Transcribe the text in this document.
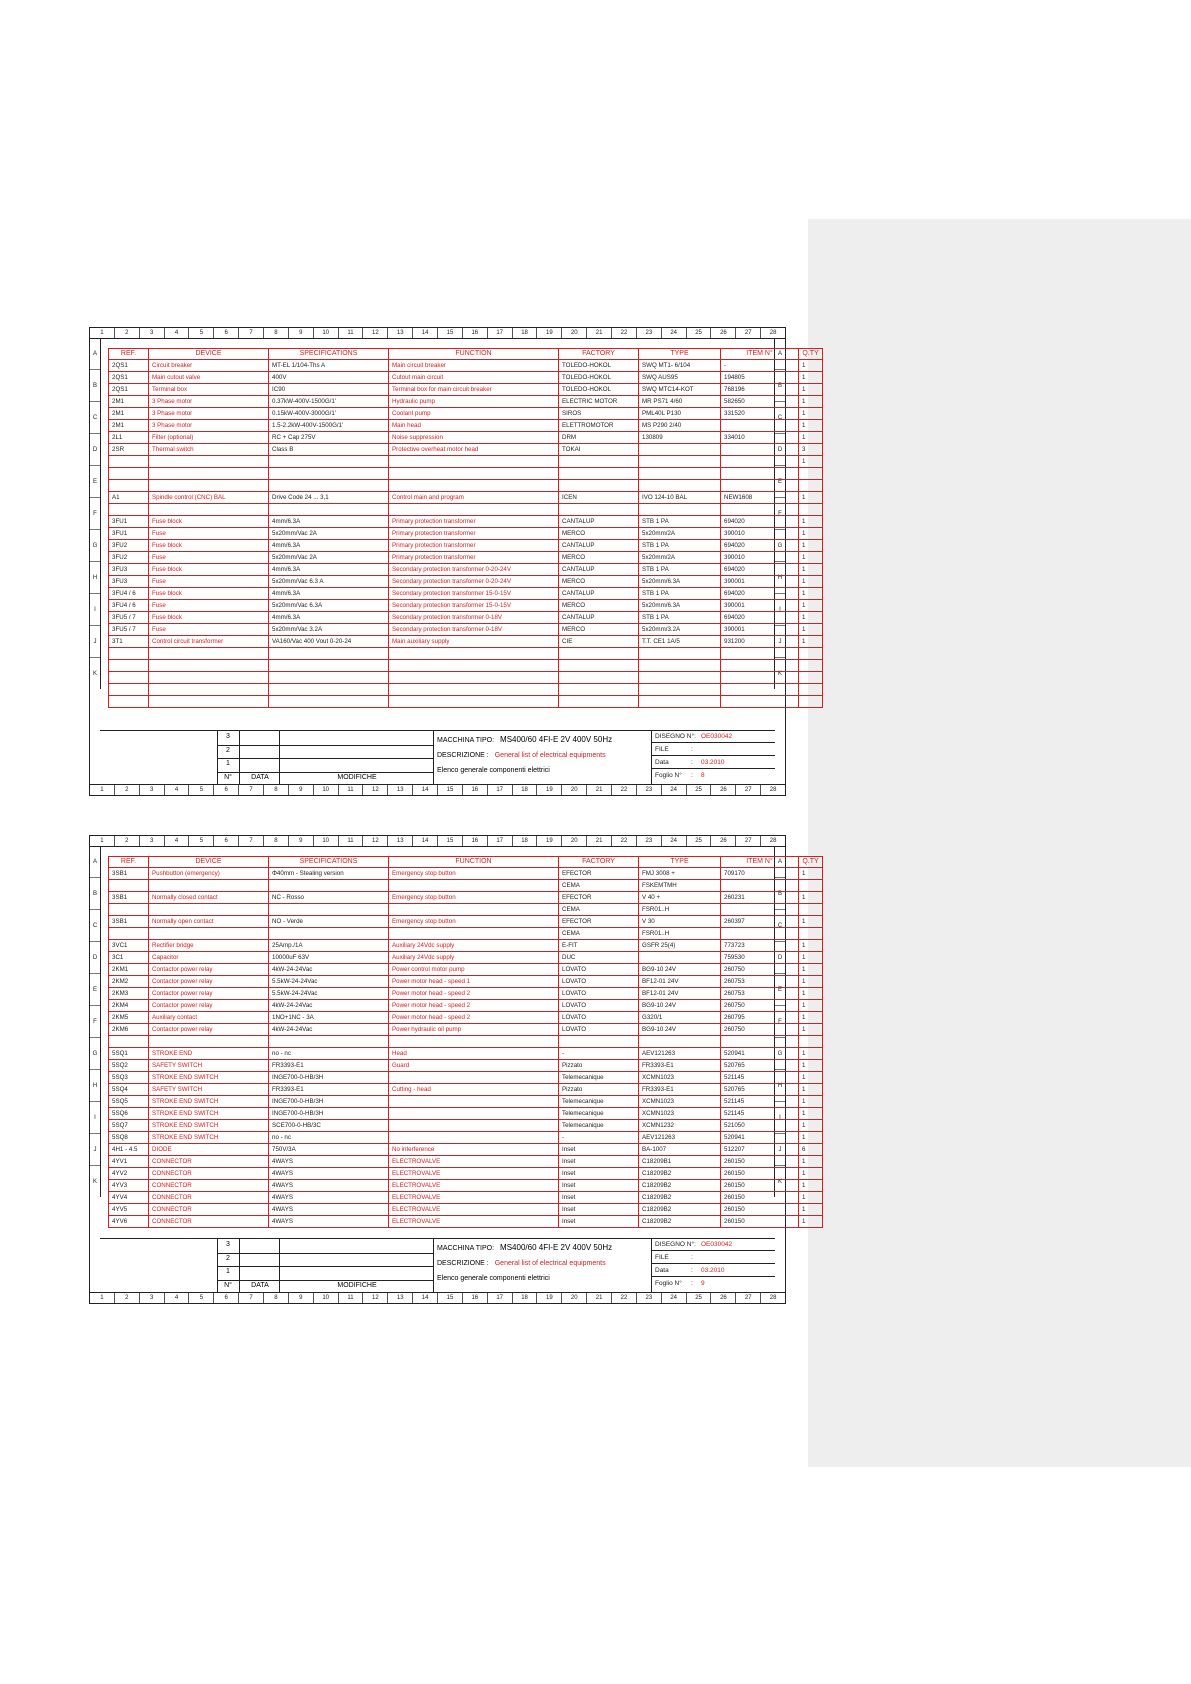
1	2	3	4	5	6	7	8	9	10	11	12	13	14	15	16	17	18	19	20	21	22	23	24	25	26	27	28
1	2	3	4	5	6	7	8	9	10	11	12	13	14	15	16	17	18	19	20	21	22	23	24	25	26	27	28
A
B
C
D
E
F
G
H
I
J
K
A
B
C
D
E
F
G
H
I
J
K
REF.	DEVICE	SPECIFICATIONS	FUNCTION	FACTORY	TYPE	ITEM N°	Q.TY
2QS1	Circuit breaker	MT-EL 1/104-Ths A	Main circuit breaker	TOLEDO-HOKOL	SWQ MT1- 6/104	-	1
2QS1	Main cutout valve	400V	Cutout main circuit	TOLEDO-HOKOL	SWQ AUS95	194805	1
2QS1	Terminal box	IC90	Terminal box for main circuit breaker	TOLEDO-HOKOL	SWQ MTC14-KOT	768196	1
2M1	3 Phase motor	0.37kW-400V-1500G/1'	Hydraulic pump	ELECTRIC MOTOR	MR PS71 4/60	582650	1
2M1	3 Phase motor	0.15kW-400V-3000G/1'	Coolant pump	SIROS	PML40L P130	331520	1
2M1	3 Phase motor	1.5-2.2kW-400V-1500G/1'	Main head	ELETTROMOTOR	MS P290 2/40		1
2L1	Filter (optional)	RC + Cap 275V	Noise suppression	DRM	130809	334010	1
2SR	Thermal switch	Class B	Protective overheat motor head	TOKAI			3
							1

A1	Spindle control (CNC) BAL	Drive Code 24 ... 3,1	Control main and program	ICEN	IVO 124-10 BAL	NEW1608	1

3FU1	Fuse block	4mm/6.3A	Primary protection transformer	CANTALUP	STB 1 PA	694020	1
3FU1	Fuse	5x20mm/Vac 2A	Primary protection transformer	MERCO	5x20mm/2A	390010	1
3FU2	Fuse block	4mm/6.3A	Primary protection transformer	CANTALUP	STB 1 PA	694020	1
3FU2	Fuse	5x20mm/Vac 2A	Primary protection transformer	MERCO	5x20mm/2A	390010	1
3FU3	Fuse block	4mm/6.3A	Secondary protection transformer 0-20-24V	CANTALUP	STB 1 PA	694020	1
3FU3	Fuse	5x20mm/Vac 6.3 A	Secondary protection transformer 0-20-24V	MERCO	5x20mm/6.3A	390001	1
3FU4 / 6	Fuse block	4mm/6.3A	Secondary protection transformer 15-0-15V	CANTALUP	STB 1 PA	694020	1
3FU4 / 6	Fuse	5x20mm/Vac 6.3A	Secondary protection transformer 15-0-15V	MERCO	5x20mm/6.3A	390001	1
3FU5 / 7	Fuse block	4mm/6.3A	Secondary protection transformer 0-18V	CANTALUP	STB 1 PA	694020	1
3FU5 / 7	Fuse	5x20mm/Vac 3.2A	Secondary protection transformer 0-18V	MERCO	5x20mm/3.2A	390001	1
3T1	Control circuit transformer	VA160/Vac 400 Vout 0-20-24	Main auxiliary supply	CIE	T.T. CE1 1A/5	931200	1

3
2
1
N°	DATA	MODIFICHE
MACCHINA TIPO: MS400/60 4FI-E 2V 400V 50Hz
DESCRIZIONE : General list of electrical equipments
Elenco generale componenti elettrici
DISEGNO N°: OE030042
FILE	:
Data	: 03.2010
Foglio N° : 8
1	2	3	4	5	6	7	8	9	10	11	12	13	14	15	16	17	18	19	20	21	22	23	24	25	26	27	28
1	2	3	4	5	6	7	8	9	10	11	12	13	14	15	16	17	18	19	20	21	22	23	24	25	26	27	28
A
B
C
D
E
F
G
H
I
J
K
A
B
C
D
E
F
G
H
I
J
K
REF.	DEVICE	SPECIFICATIONS	FUNCTION	FACTORY	TYPE	ITEM N°	Q.TY
3SB1	Pushbutton (emergency)	Φ40mm - Stealing version	Emergency stop button	EFECTOR	FMJ 3008 +	709170	1
				CEMA	FSKEMTMH		
3SB1	Normally closed contact	NC - Rosso	Emergency stop button	EFECTOR	V 40 +	260231	1
				CEMA	FSR01..H		
3SB1	Normally open contact	NO - Verde	Emergency stop button	EFECTOR	V 30	260397	1
				CEMA	FSR01..H		
3VC1	Rectifier bridge	25Amp./1A	Auxiliary 24Vdc supply	E-FIT	GSFR 25(4)	773723	1
3C1	Capacitor	10000uF 63V	Auxiliary 24Vdc supply	DUC		759530	1
2KM1	Contactor power relay	4kW-24-24Vac	Power control motor pump	LOVATO	BG9-10 24V	260750	1
2KM2	Contactor power relay	5.5kW-24-24Vac	Power motor head - speed 1	LOVATO	BF12-01 24V	260753	1
2KM3	Contactor power relay	5.5kW-24-24Vac	Power motor head - speed 2	LOVATO	BF12-01 24V	260753	1
2KM4	Contactor power relay	4kW-24-24Vac	Power motor head - speed 2	LOVATO	BG9-10 24V	260750	1
2KM5	Auxiliary contact	1NO+1NC - 3A	Power motor head - speed 2	LOVATO	G320/1	260795	1
2KM6	Contactor power relay	4kW-24-24Vac	Power hydraulic oil pump	LOVATO	BG9-10 24V	260750	1

5SQ1	STROKE END	no - nc	Head	-	AEV121263	520941	1
5SQ2	SAFETY SWITCH	FR3393-E1	Guard	Pizzato	FR3393-E1	520765	1
5SQ3	STROKE END SWITCH	INGE700-0-HB/3H		Telemecanique	XCMN1023	521145	1
5SQ4	SAFETY SWITCH	FR3393-E1	Cutting - head	Pizzato	FR3393-E1	520765	1
5SQ5	STROKE END SWITCH	INGE700-0-HB/3H		Telemecanique	XCMN1023	521145	1
5SQ6	STROKE END SWITCH	INGE700-0-HB/3H		Telemecanique	XCMN1023	521145	1
5SQ7	STROKE END SWITCH	SCE700-0-HB/3C		Telemecanique	XCMN1232	521050	1
5SQ8	STROKE END SWITCH	no - nc		-	AEV121263	520941	1
4H1 - 4.5	DIODE	750V/3A	No interference	Inset	BA-1007	512207	6
4YV1	CONNECTOR	4WAYS	ELECTROVALVE	Inset	C18209B1	260150	1
4YV2	CONNECTOR	4WAYS	ELECTROVALVE	Inset	C18209B2	260150	1
4YV3	CONNECTOR	4WAYS	ELECTROVALVE	Inset	C18209B2	260150	1
4YV4	CONNECTOR	4WAYS	ELECTROVALVE	Inset	C18209B2	260150	1
4YV5	CONNECTOR	4WAYS	ELECTROVALVE	Inset	C18209B2	260150	1
4YV6	CONNECTOR	4WAYS	ELECTROVALVE	Inset	C18209B2	260150	1
3
2
1
N°	DATA	MODIFICHE
MACCHINA TIPO: MS400/60 4FI-E 2V 400V 50Hz
DESCRIZIONE : General list of electrical equipments
Elenco generale componenti elettrici
DISEGNO N°: OE030042
FILE	:
Data	: 03.2010
Foglio N° : 9
